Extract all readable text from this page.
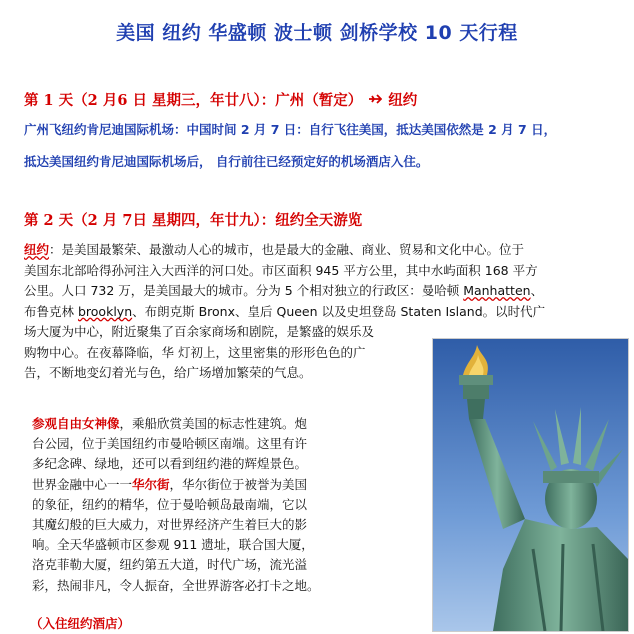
美国 纽约 华盛顿 波士顿 剑桥学校 10 天行程
第 1 天（2 月6 日 星期三，年廿八）：广州（暂定） 纽约
广州飞纽约肯尼迪国际机场：中国时间 2 月 7 日：自行飞往美国，抵达美国依然是 2 月 7 日，
抵达美国纽约肯尼迪国际机场后， 自行前往已经预定好的机场酒店入住。
第 2 天（2 月 7日 星期四，年廿九）：纽约全天游览
纽约：是美国最繁荣、最激动人心的城市，也是最大的金融、商业、贸易和文化中心。位于
美国东北部哈得孙河注入大西洋的河口处。市区面积 945 平方公里，其中水屿面积 168 平方
公里。人口 732 万，是美国最大的城市。分为 5 个相对独立的行政区：曼哈顿 Manhatten、
布鲁克林 brooklyn、布朗克斯 Bronx、皇后 Queen 以及史坦登岛 Staten Island。以时代广
场大厦为中心，附近聚集了百余家商场和剧院，是繁盛的娱乐及
购物中心。在夜幕降临，华 灯初上，这里密集的形形色色的广
告，不断地变幻着光与色，给广场增加繁荣的气息。
参观自由女神像，乘船欣赏美国的标志性建筑。炮
台公园，位于美国纽约市曼哈顿区南端。这里有许
多纪念碑、绿地，还可以看到纽约港的辉煌景色。
世界金融中心一一华尔街，华尔街位于被誉为美国
的象征，纽约的精华，位于曼哈顿岛最南端，它以
其魔幻般的巨大威力，对世界经济产生着巨大的影
响。全天华盛顿市区参观 911 遗址，联合国大厦，
洛克菲勒大厦，纽约第五大道，时代广场，流光溢
彩，热闹非凡，令人振奋，全世界游客必打卡之地。
（入住纽约酒店）
